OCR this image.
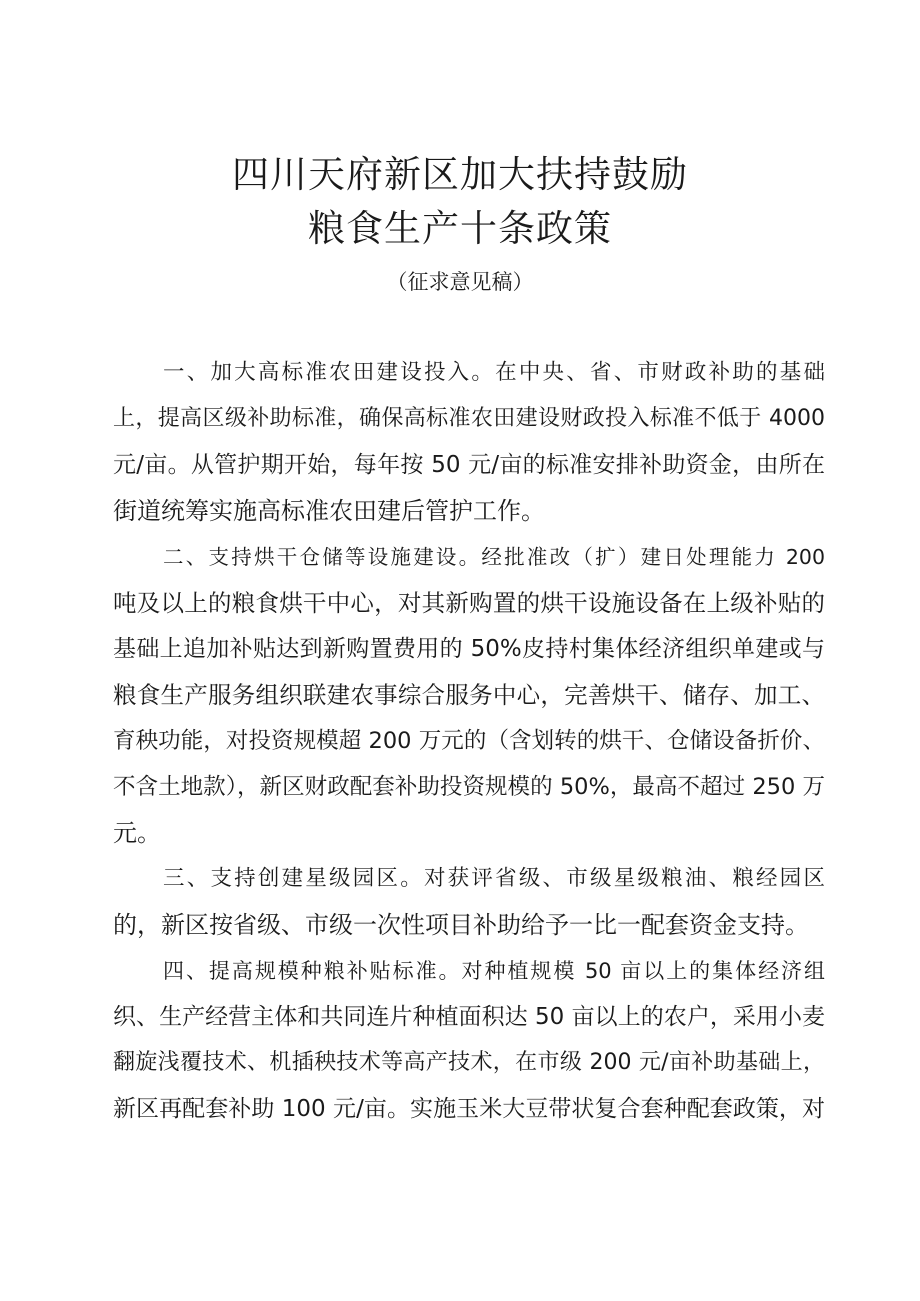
四川天府新区加大扶持鼓励
粮食生产十条政策

（征求意见稿）

一、加大高标准农田建设投入。在中央、省、市财政补助的基础
上，提高区级补助标准，确保高标准农田建设财政投入标准不低于 4000
元/亩。从管护期开始，每年按 50 元/亩的标准安排补助资金，由所在
街道统筹实施高标准农田建后管护工作。
二、支持烘干仓储等设施建设。经批准改（扩）建日处理能力 200
吨及以上的粮食烘干中心，对其新购置的烘干设施设备在上级补贴的
基础上追加补贴达到新购置费用的 50%皮持村集体经济组织单建或与
粮食生产服务组织联建农事综合服务中心，完善烘干、储存、加工、
育秧功能，对投资规模超 200 万元的（含划转的烘干、仓储设备折价、
不含土地款），新区财政配套补助投资规模的 50%，最高不超过 250 万
元。
三、支持创建星级园区。对获评省级、市级星级粮油、粮经园区
的，新区按省级、市级一次性项目补助给予一比一配套资金支持。
四、提高规模种粮补贴标准。对种植规模 50 亩以上的集体经济组
织、生产经营主体和共同连片种植面积达 50 亩以上的农户，采用小麦
翻旋浅覆技术、机插秧技术等高产技术，在市级 200 元/亩补助基础上，
新区再配套补助 100 元/亩。实施玉米大豆带状复合套种配套政策，对
